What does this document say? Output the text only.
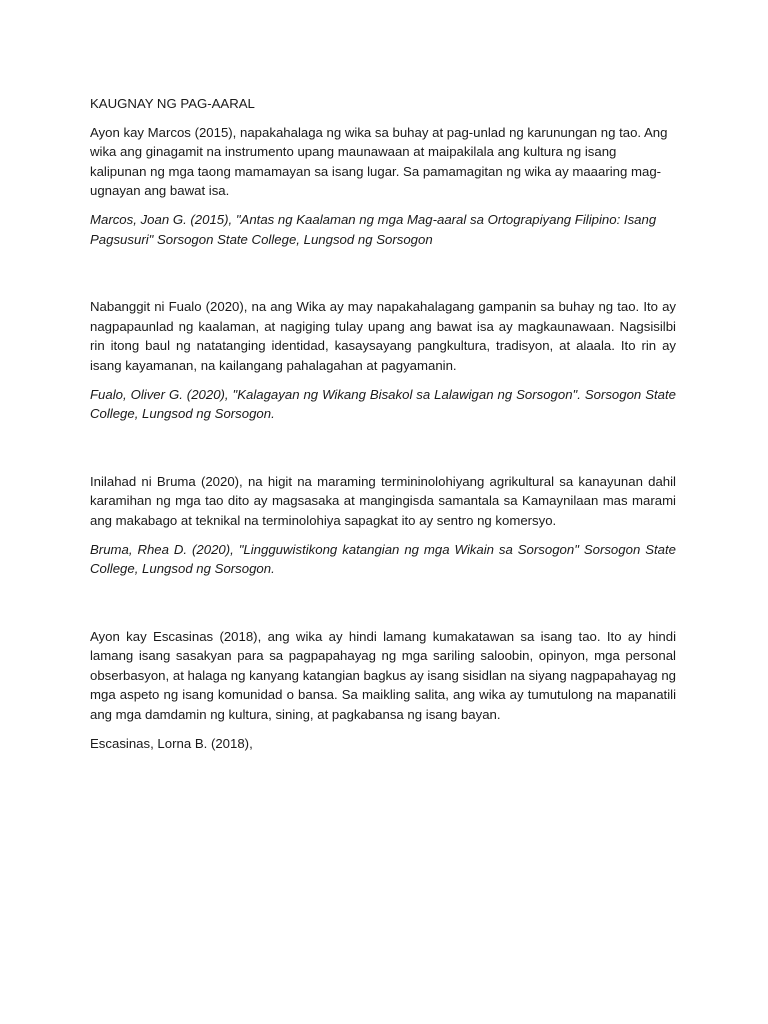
KAUGNAY NG PAG-AARAL

Ayon kay Marcos (2015), napakahalaga ng wika sa buhay at pag-unlad ng karunungan ng tao. Ang wika ang ginagamit na instrumento upang maunawaan at maipakilala ang kultura ng isang kalipunan ng mga taong mamamayan sa isang lugar. Sa pamamagitan ng wika ay maaaring mag-ugnayan ang bawat isa.

Marcos, Joan G. (2015), "Antas ng Kaalaman ng mga Mag-aaral sa Ortograpiyang Filipino: Isang Pagsusuri" Sorsogon State College, Lungsod ng Sorsogon

Nabanggit ni Fualo (2020), na ang Wika ay may napakahalagang gampanin sa buhay ng tao. Ito ay nagpapaunlad ng kaalaman, at nagiging tulay upang ang bawat isa ay magkaunawaan. Nagsisilbi rin itong baul ng natatanging identidad, kasaysayang pangkultura, tradisyon, at alaala. Ito rin ay isang kayamanan, na kailangang pahalagahan at pagyamanin.

Fualo, Oliver G. (2020), "Kalagayan ng Wikang Bisakol sa Lalawigan ng Sorsogon". Sorsogon State College, Lungsod ng Sorsogon.

Inilahad ni Bruma (2020), na higit na maraming termininolohiyang agrikultural sa kanayunan dahil karamihan ng mga tao dito ay magsasaka at mangingisda samantala sa Kamaynilaan mas marami ang makabago at teknikal na terminolohiya sapagkat ito ay sentro ng komersyo.

Bruma, Rhea D. (2020), "Lingguwistikong katangian ng mga Wikain sa Sorsogon" Sorsogon State College, Lungsod ng Sorsogon.

Ayon kay Escasinas (2018), ang wika ay hindi lamang kumakatawan sa isang tao. Ito ay hindi lamang isang sasakyan para sa pagpapahayag ng mga sariling saloobin, opinyon, mga personal obserbasyon, at halaga ng kanyang katangian bagkus ay isang sisidlan na siyang nagpapahayag ng mga aspeto ng isang komunidad o bansa. Sa maikling salita, ang wika ay tumutulong na mapanatili ang mga damdamin ng kultura, sining, at pagkabansa ng isang bayan.

Escasinas, Lorna B. (2018),
